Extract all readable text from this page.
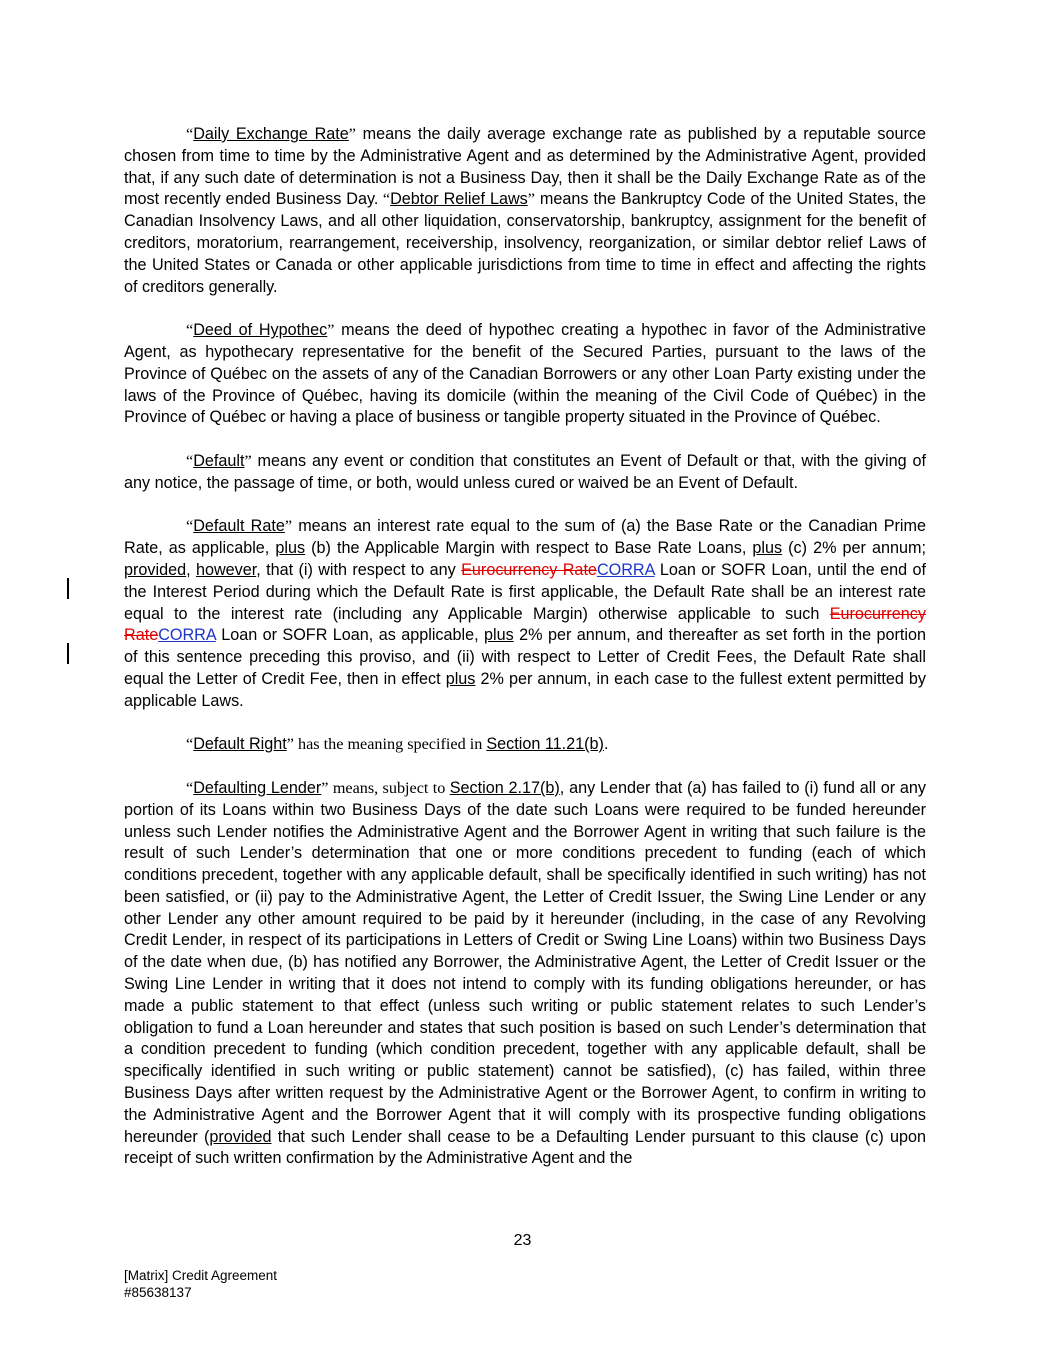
“Daily Exchange Rate” means the daily average exchange rate as published by a reputable source chosen from time to time by the Administrative Agent and as determined by the Administrative Agent, provided that, if any such date of determination is not a Business Day, then it shall be the Daily Exchange Rate as of the most recently ended Business Day. “Debtor Relief Laws” means the Bankruptcy Code of the United States, the Canadian Insolvency Laws, and all other liquidation, conservatorship, bankruptcy, assignment for the benefit of creditors, moratorium, rearrangement, receivership, insolvency, reorganization, or similar debtor relief Laws of the United States or Canada or other applicable jurisdictions from time to time in effect and affecting the rights of creditors generally.

“Deed of Hypothec” means the deed of hypothec creating a hypothec in favor of the Administrative Agent, as hypothecary representative for the benefit of the Secured Parties, pursuant to the laws of the Province of Québec on the assets of any of the Canadian Borrowers or any other Loan Party existing under the laws of the Province of Québec, having its domicile (within the meaning of the Civil Code of Québec) in the Province of Québec or having a place of business or tangible property situated in the Province of Québec.

“Default” means any event or condition that constitutes an Event of Default or that, with the giving of any notice, the passage of time, or both, would unless cured or waived be an Event of Default.

“Default Rate” means an interest rate equal to the sum of (a) the Base Rate or the Canadian Prime Rate, as applicable, plus (b) the Applicable Margin with respect to Base Rate Loans, plus (c) 2% per annum; provided, however, that (i) with respect to any Eurocurrency RateCORRA Loan or SOFR Loan, until the end of the Interest Period during which the Default Rate is first applicable, the Default Rate shall be an interest rate equal to the interest rate (including any Applicable Margin) otherwise applicable to such Eurocurrency RateCORRA Loan or SOFR Loan, as applicable, plus 2% per annum, and thereafter as set forth in the portion of this sentence preceding this proviso, and (ii) with respect to Letter of Credit Fees, the Default Rate shall equal the Letter of Credit Fee, then in effect plus 2% per annum, in each case to the fullest extent permitted by applicable Laws.

“Default Right” has the meaning specified in Section 11.21(b).

“Defaulting Lender” means, subject to Section 2.17(b), any Lender that (a) has failed to (i) fund all or any portion of its Loans within two Business Days of the date such Loans were required to be funded hereunder unless such Lender notifies the Administrative Agent and the Borrower Agent in writing that such failure is the result of such Lender’s determination that one or more conditions precedent to funding (each of which conditions precedent, together with any applicable default, shall be specifically identified in such writing) has not been satisfied, or (ii) pay to the Administrative Agent, the Letter of Credit Issuer, the Swing Line Lender or any other Lender any other amount required to be paid by it hereunder (including, in the case of any Revolving Credit Lender, in respect of its participations in Letters of Credit or Swing Line Loans) within two Business Days of the date when due, (b) has notified any Borrower, the Administrative Agent, the Letter of Credit Issuer or the Swing Line Lender in writing that it does not intend to comply with its funding obligations hereunder, or has made a public statement to that effect (unless such writing or public statement relates to such Lender’s obligation to fund a Loan hereunder and states that such position is based on such Lender’s determination that a condition precedent to funding (which condition precedent, together with any applicable default, shall be specifically identified in such writing or public statement) cannot be satisfied), (c) has failed, within three Business Days after written request by the Administrative Agent or the Borrower Agent, to confirm in writing to the Administrative Agent and the Borrower Agent that it will comply with its prospective funding obligations hereunder (provided that such Lender shall cease to be a Defaulting Lender pursuant to this clause (c) upon receipt of such written confirmation by the Administrative Agent and the

23
[Matrix] Credit Agreement
#85638137
